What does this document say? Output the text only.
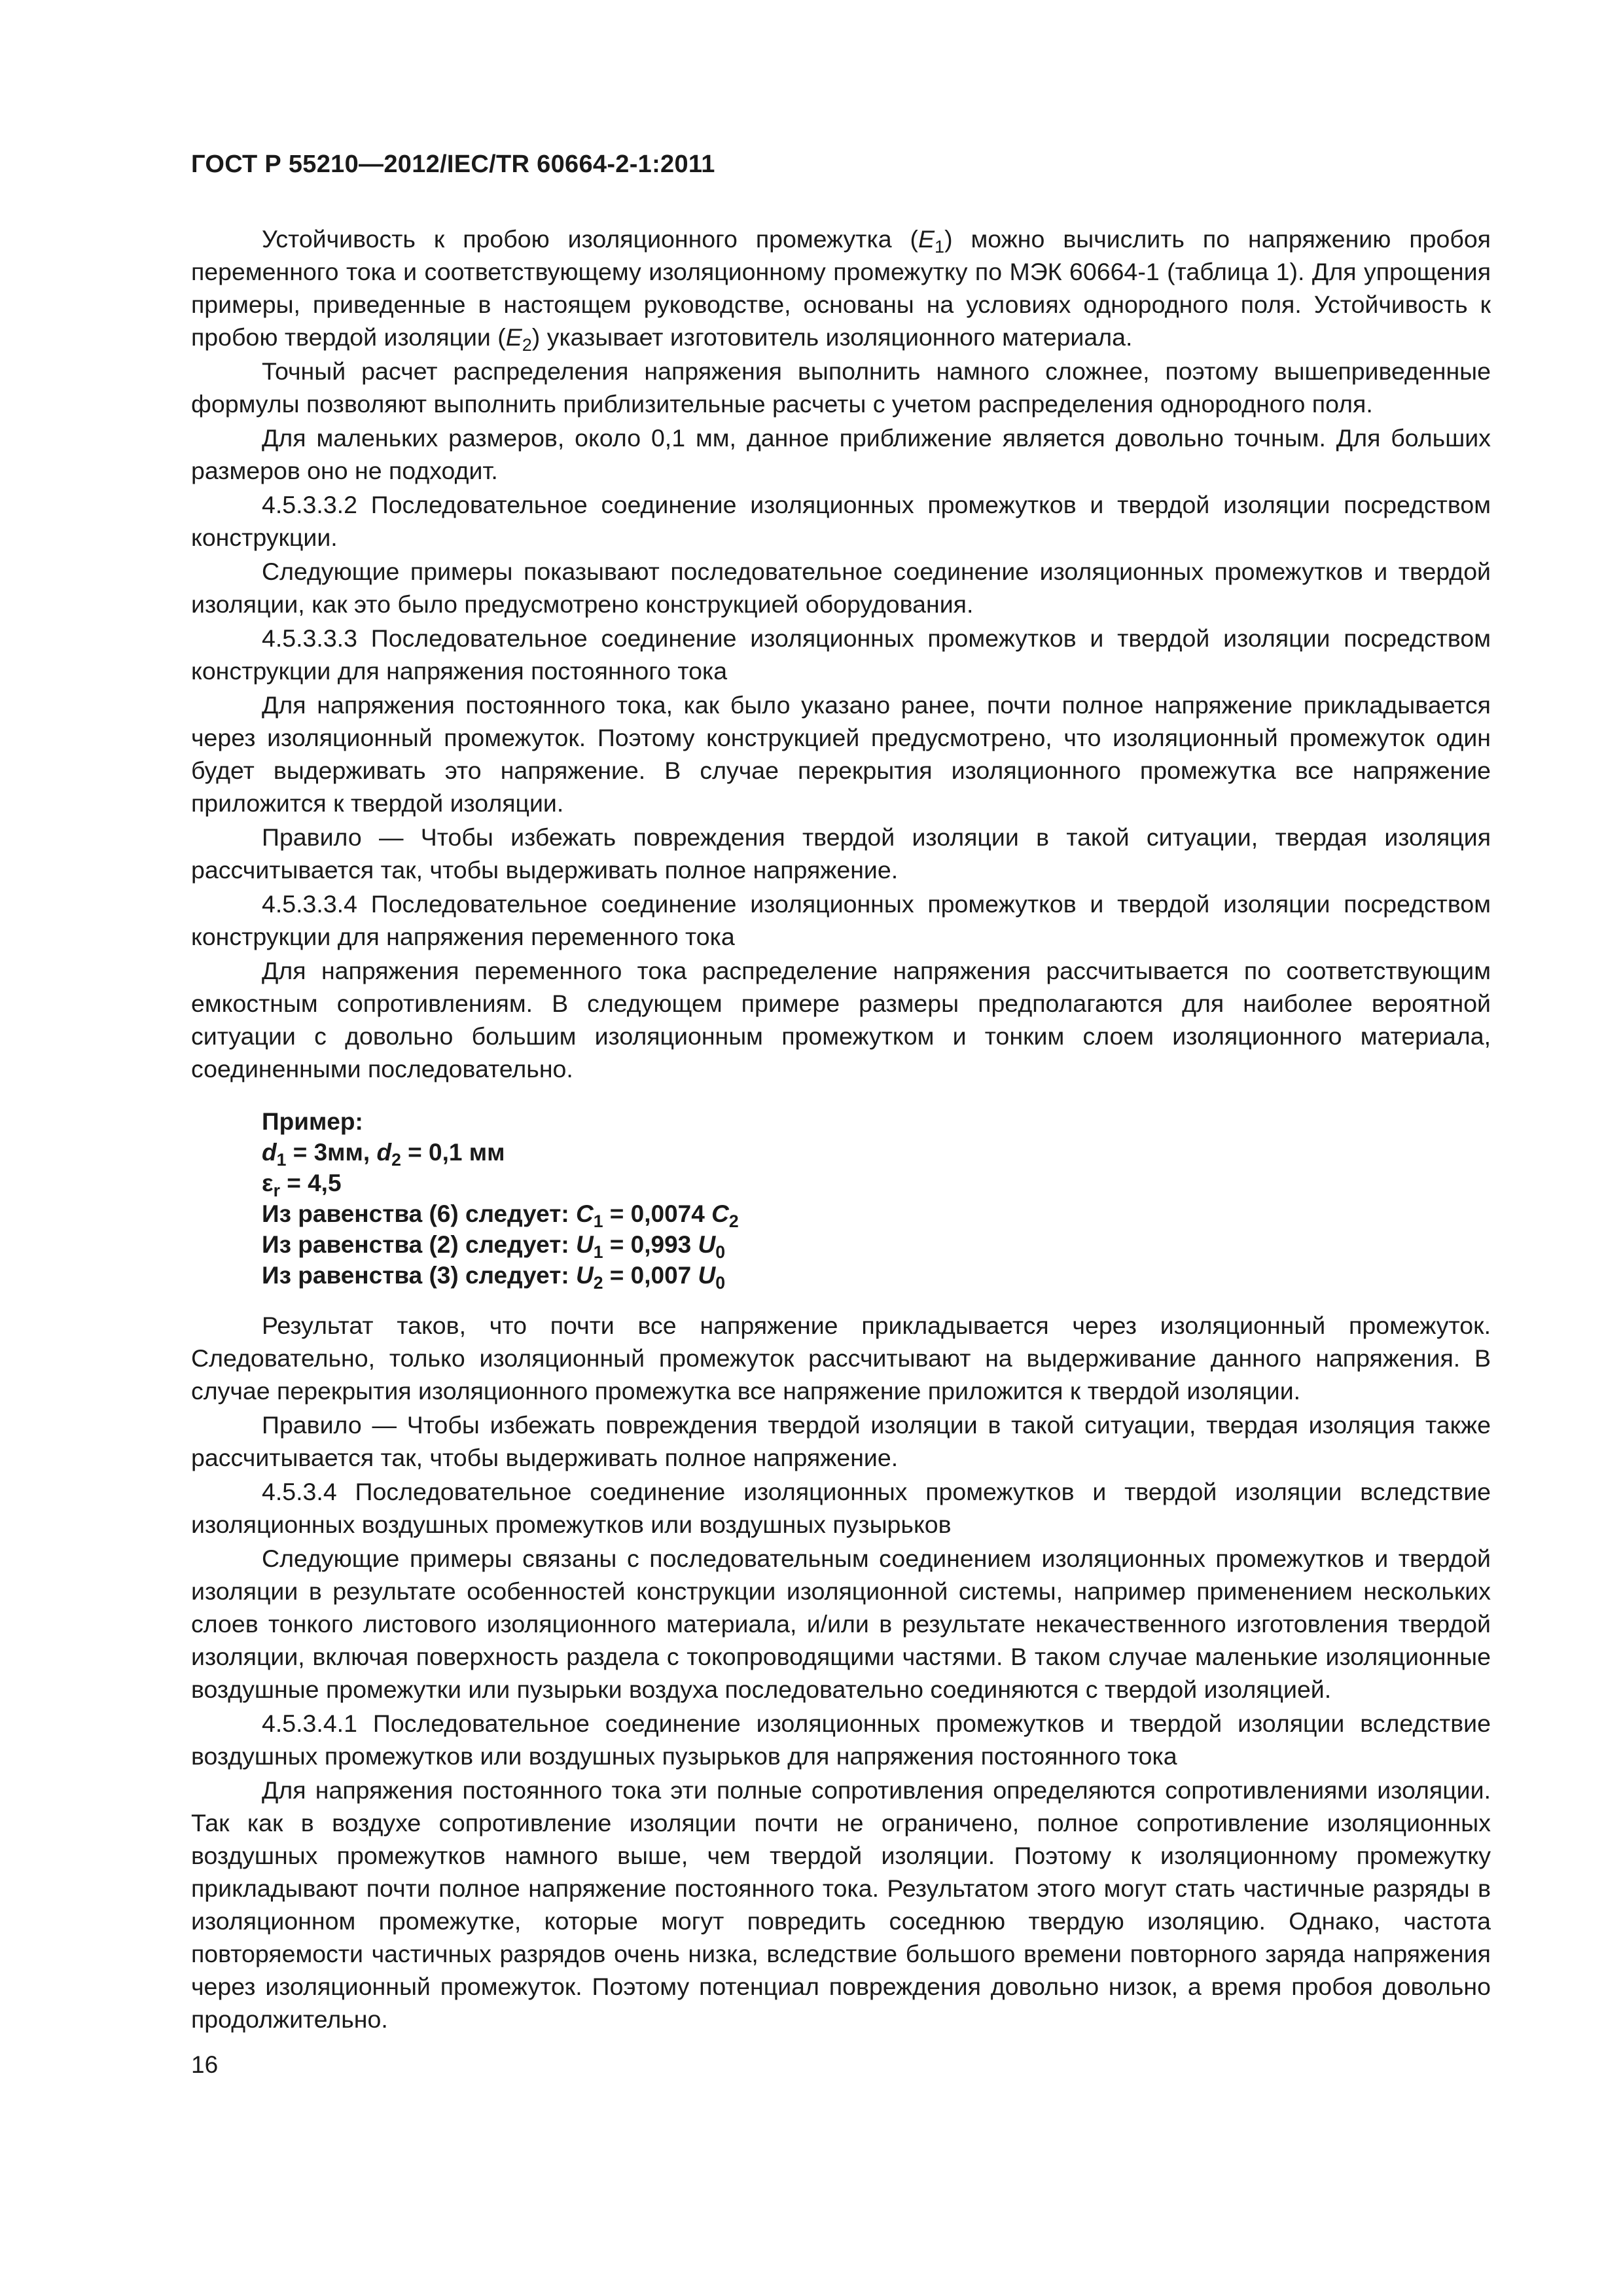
ГОСТ Р 55210—2012/IEC/TR 60664-2-1:2011

Устойчивость к пробою изоляционного промежутка $(E_1)$ можно вычислить по напряжению пробоя переменного тока и соответствующему изоляционному промежутку по МЭК 60664-1 (таблица 1). Для упрощения примеры, приведенные в настоящем руководстве, основаны на условиях однородного поля. Устойчивость к пробою твердой изоляции $(E_2)$ указывает изготовитель изоляционного материала.

Точный расчет распределения напряжения выполнить намного сложнее, поэтому вышеприведенные формулы позволяют выполнить приблизительные расчеты с учетом распределения однородного поля.

Для маленьких размеров, около 0,1 мм, данное приближение является довольно точным. Для больших размеров оно не подходит.

4.5.3.3.2 Последовательное соединение изоляционных промежутков и твердой изоляции посредством конструкции.

Следующие примеры показывают последовательное соединение изоляционных промежутков и твердой изоляции, как это было предусмотрено конструкцией оборудования.

4.5.3.3.3 Последовательное соединение изоляционных промежутков и твердой изоляции посредством конструкции для напряжения постоянного тока

Для напряжения постоянного тока, как было указано ранее, почти полное напряжение прикладывается через изоляционный промежуток. Поэтому конструкцией предусмотрено, что изоляционный промежуток один будет выдерживать это напряжение. В случае перекрытия изоляционного промежутка все напряжение приложится к твердой изоляции.

Правило — Чтобы избежать повреждения твердой изоляции в такой ситуации, твердая изоляция рассчитывается так, чтобы выдерживать полное напряжение.

4.5.3.3.4 Последовательное соединение изоляционных промежутков и твердой изоляции посредством конструкции для напряжения переменного тока

Для напряжения переменного тока распределение напряжения рассчитывается по соответствующим емкостным сопротивлениям. В следующем примере размеры предполагаются для наиболее вероятной ситуации с довольно большим изоляционным промежутком и тонким слоем изоляционного материала, соединенными последовательно.

Пример:
$d_1 = 3мм$, $d_2 = 0,1$ мм
$\varepsilon_r = 4,5$
Из равенства (6) следует: $C_1 = 0,0074$ $C_2$
Из равенства (2) следует: $U_1 = 0,993$ $U_0$
Из равенства (3) следует: $U_2 = 0,007$ $U_0$

Результат таков, что почти все напряжение прикладывается через изоляционный промежуток. Следовательно, только изоляционный промежуток рассчитывают на выдерживание данного напряжения. В случае перекрытия изоляционного промежутка все напряжение приложится к твердой изоляции.

Правило — Чтобы избежать повреждения твердой изоляции в такой ситуации, твердая изоляция также рассчитывается так, чтобы выдерживать полное напряжение.

4.5.3.4 Последовательное соединение изоляционных промежутков и твердой изоляции вследствие изоляционных воздушных промежутков или воздушных пузырьков

Следующие примеры связаны с последовательным соединением изоляционных промежутков и твердой изоляции в результате особенностей конструкции изоляционной системы, например применением нескольких слоев тонкого листового изоляционного материала, и/или в результате некачественного изготовления твердой изоляции, включая поверхность раздела с токопроводящими частями. В таком случае маленькие изоляционные воздушные промежутки или пузырьки воздуха последовательно соединяются с твердой изоляцией.

4.5.3.4.1 Последовательное соединение изоляционных промежутков и твердой изоляции вследствие воздушных промежутков или воздушных пузырьков для напряжения постоянного тока

Для напряжения постоянного тока эти полные сопротивления определяются сопротивлениями изоляции. Так как в воздухе сопротивление изоляции почти не ограничено, полное сопротивление изоляционных воздушных промежутков намного выше, чем твердой изоляции. Поэтому к изоляционному промежутку прикладывают почти полное напряжение постоянного тока. Результатом этого могут стать частичные разряды в изоляционном промежутке, которые могут повредить соседнюю твердую изоляцию. Однако, частота повторяемости частичных разрядов очень низка, вследствие большого времени повторного заряда напряжения через изоляционный промежуток. Поэтому потенциал повреждения довольно низок, а время пробоя довольно продолжительно.

16
